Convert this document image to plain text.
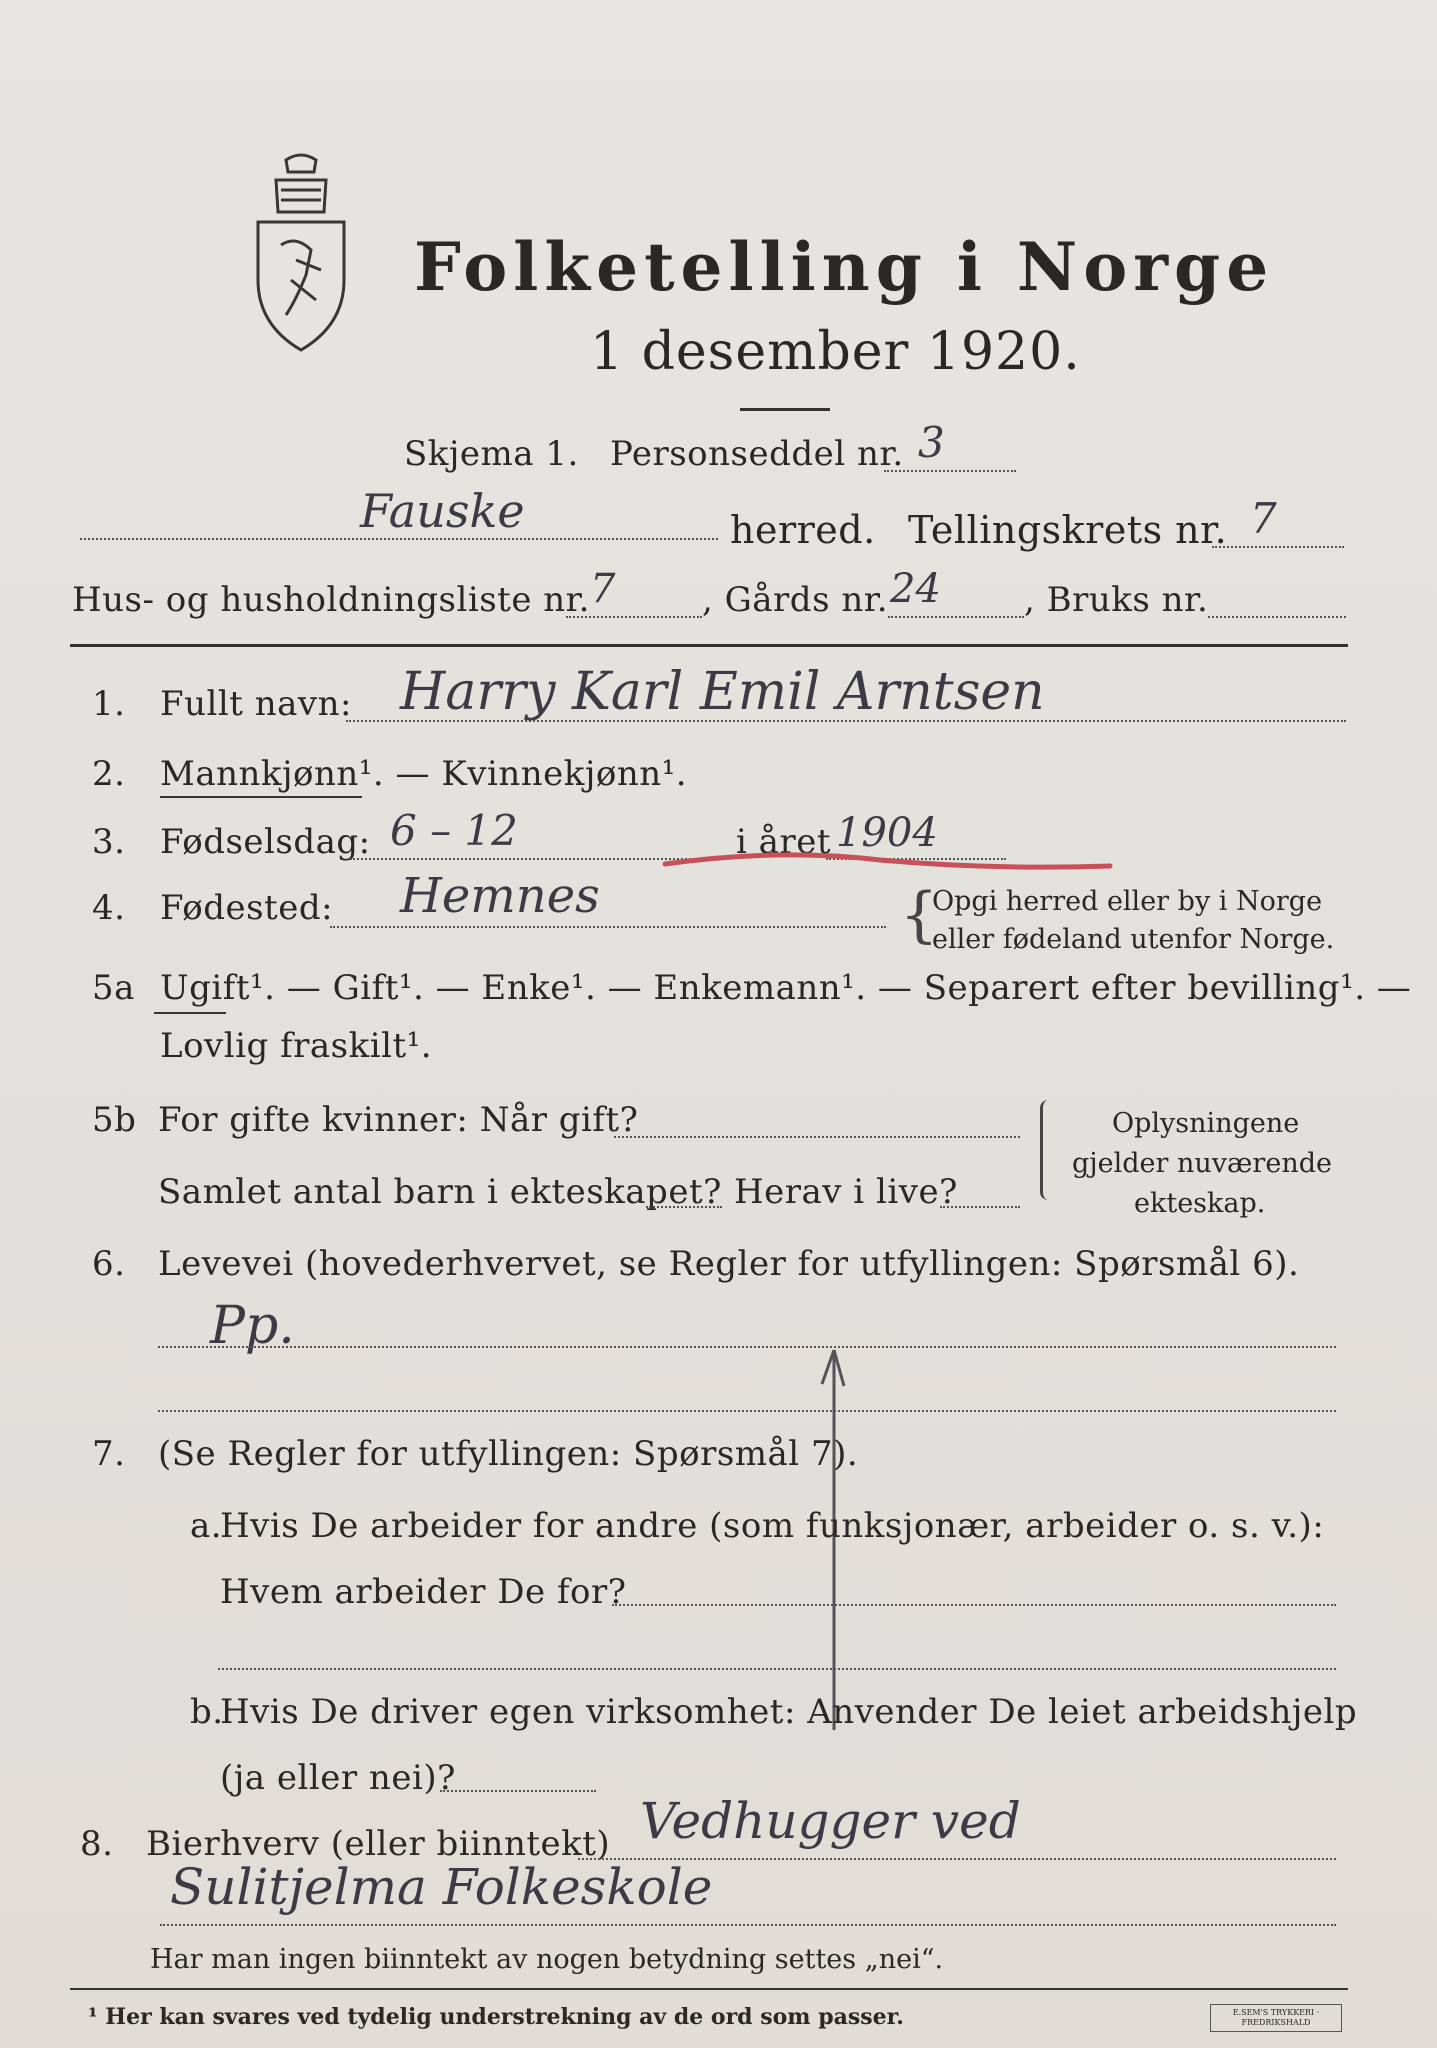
Folketelling i Norge
1 desember 1920.
Skjema 1. Personseddel nr. 3
Fauske	herred. Tellingskrets nr. 7
Hus- og husholdningsliste nr. 7	, Gårds nr. 24 , Bruks nr.
1. Fullt navn: Harry Karl Emil Arntsen
2. Mannkjønn¹. — Kvinnekjønn¹.
3. Fødselsdag: 6 – 12	i året 1904
4. Fødested: Hemnes	{
Opgi herred eller by i Norge
eller fødeland utenfor Norge.
5a Ugift¹. — Gift¹. — Enke¹. — Enkemann¹. — Separert efter bevilling¹. —
Lovlig fraskilt¹.
5b For gifte kvinner: Når gift?
Samlet antal barn i ekteskapet? Herav i live?
Oplysningene
gjelder nuværende
ekteskap.
6. Levevei (hovederhvervet, se Regler for utfyllingen: Spørsmål 6).
Pp.
7. (Se Regler for utfyllingen: Spørsmål 7).
a.
Hvis De arbeider for andre (som funksjonær, arbeider o. s. v.):
Hvem arbeider De for?
b.
Hvis De driver egen virksomhet: Anvender De leiet arbeidshjelp
(ja eller nei)?
8. Bierhverv (eller biinntekt) Vedhugger ved
Sulitjelma Folkeskole
Har man ingen biinntekt av nogen betydning settes „nei“.
¹ Her kan svares ved tydelig understrekning av de ord som passer.	E.SEM'S TRYKKERI · FREDRIKSHALD
